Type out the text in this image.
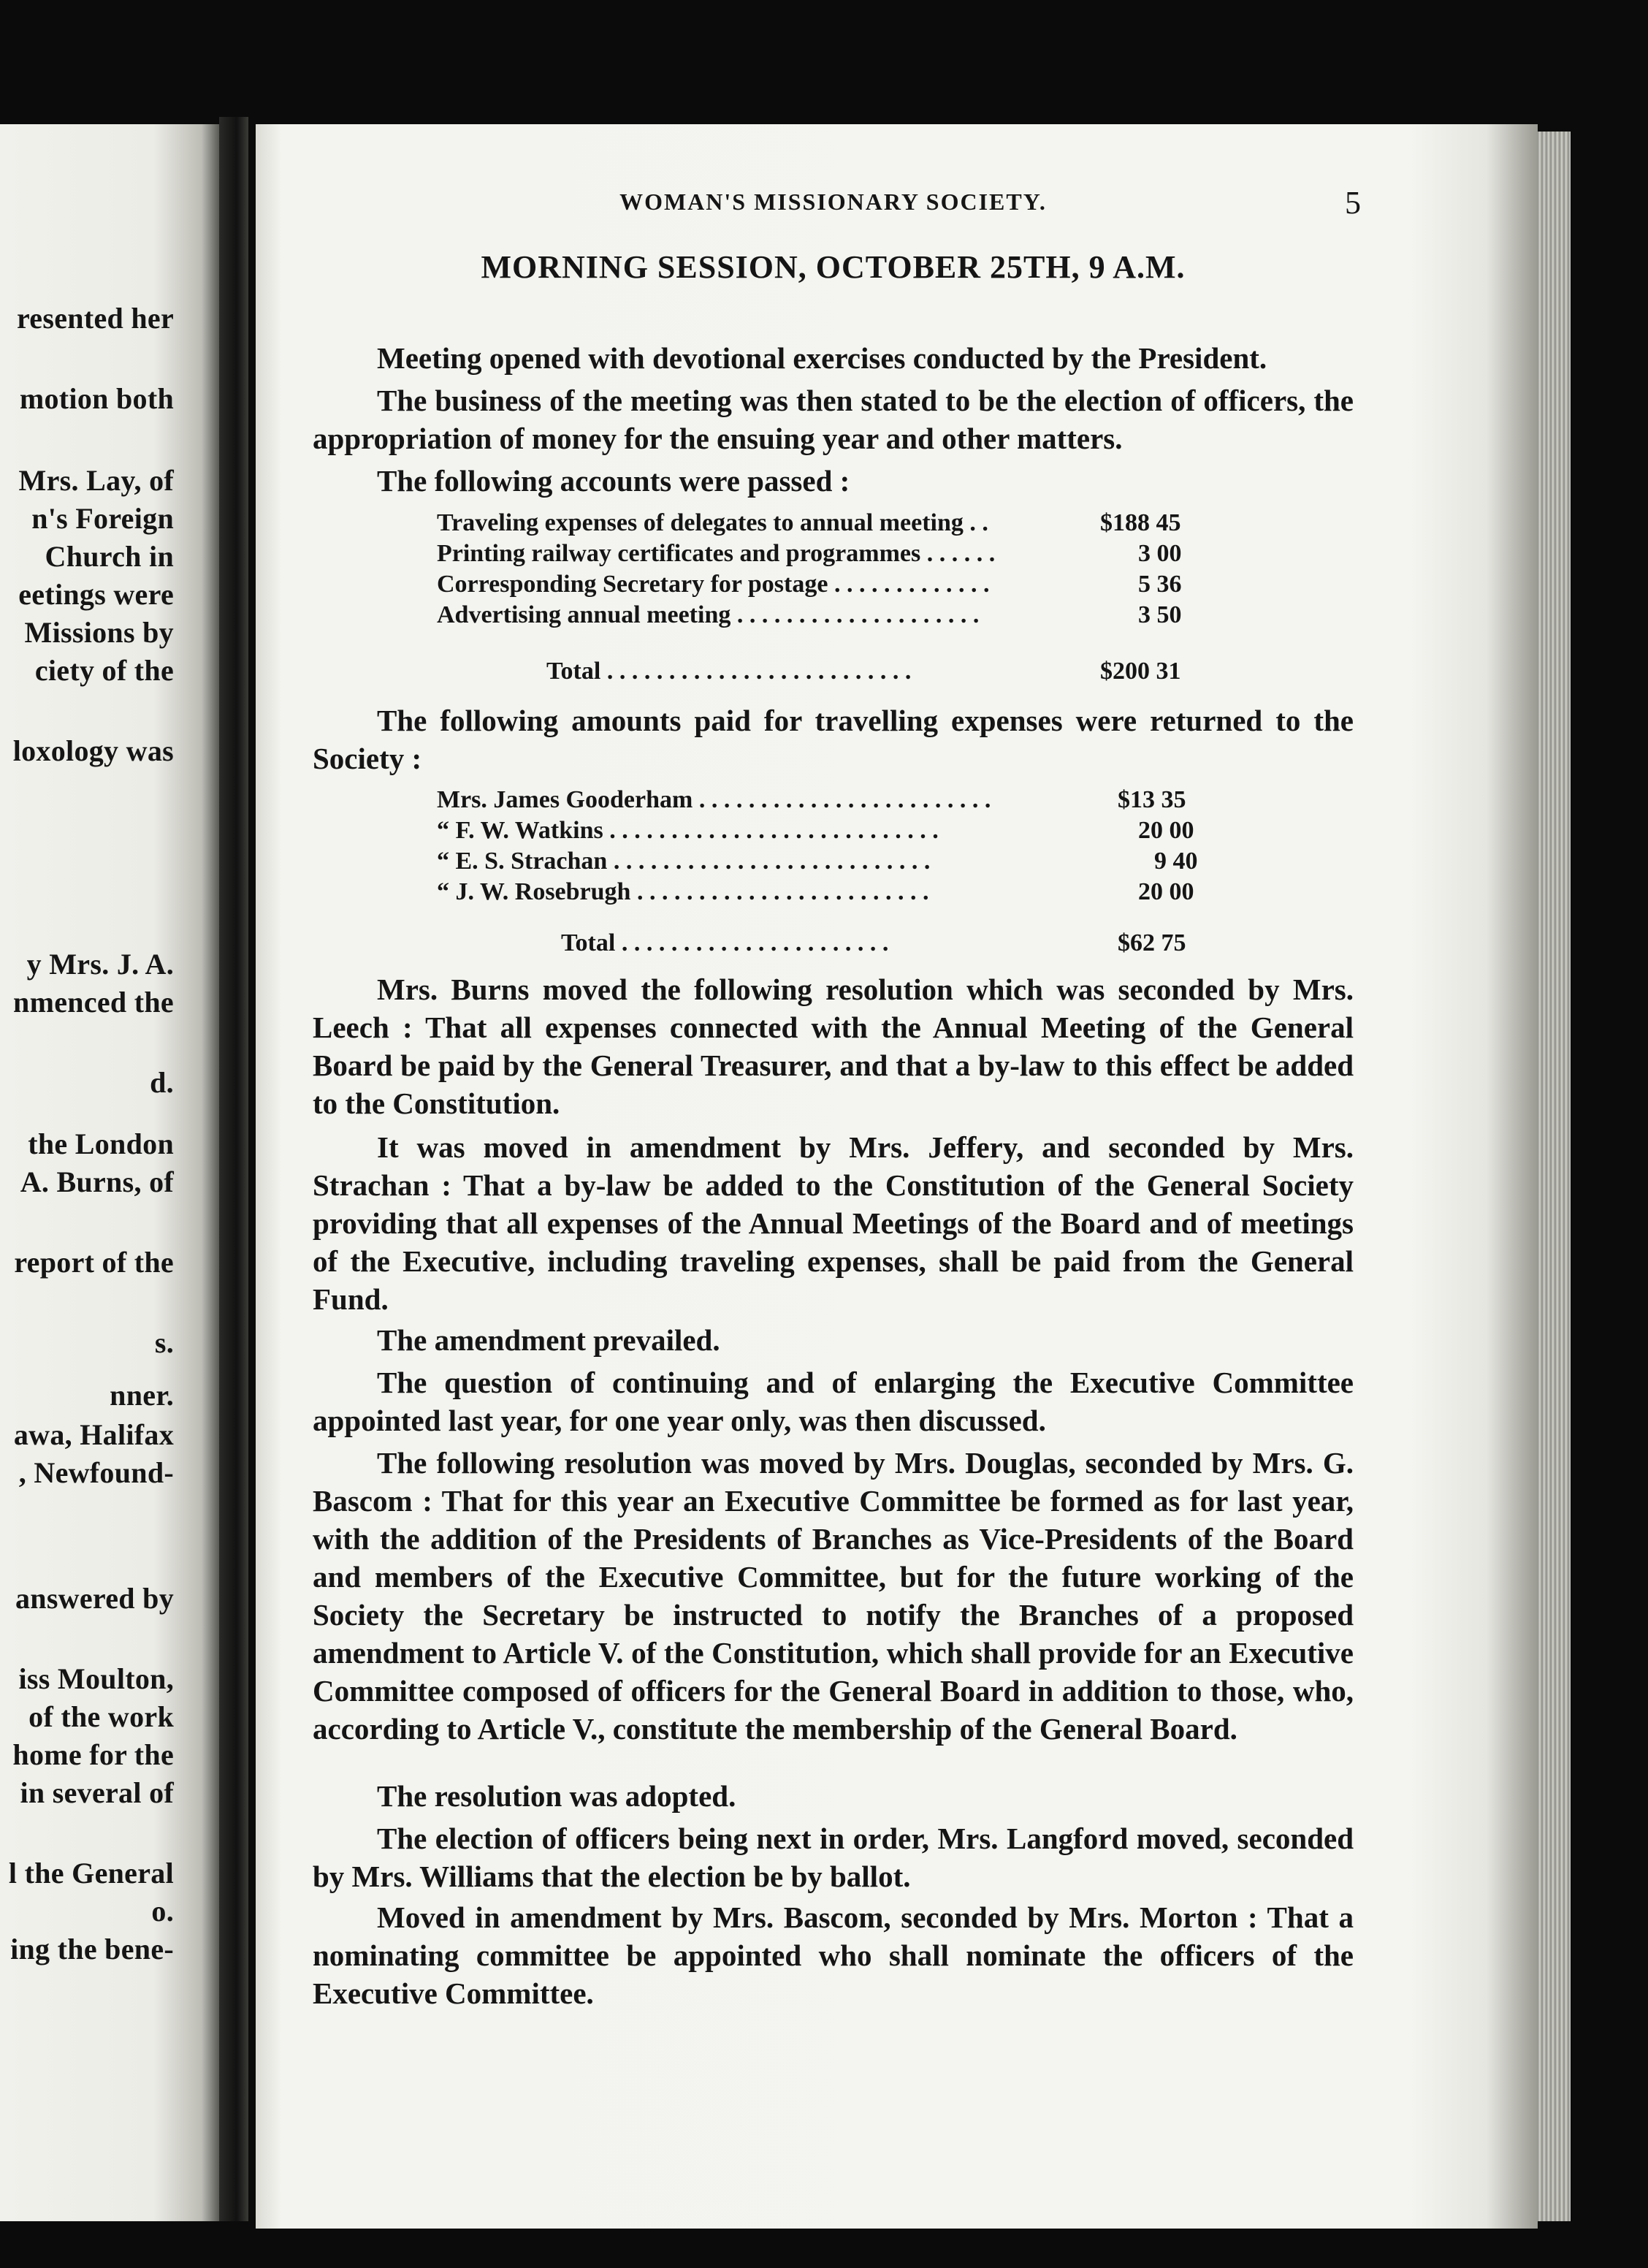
resented her
motion both
Mrs. Lay, of
n's Foreign
Church in
eetings were
Missions by
ciety of the
loxology was
y Mrs. J. A.
nmenced the
d.
the London
A. Burns, of
report of the
s.
nner.
awa, Halifax
, Newfound-
answered by
iss Moulton,
of the work
home for the
in several of
l the General
o.
ing the bene-
WOMAN'S MISSIONARY SOCIETY.	5
MORNING SESSION, OCTOBER 25TH, 9 A.M.
Meeting opened with devotional exercises conducted by the President.
The business of the meeting was then stated to be the election of officers, the appropriation of money for the ensuing year and other matters.
The following accounts were passed :
Traveling expenses of delegates to annual meeting . .	$188 45
Printing railway certificates and programmes . . . . . .	3 00
Corresponding Secretary for postage . . . . . . . . . . . . .	5 36
Advertising annual meeting . . . . . . . . . . . . . . . . . . . .	3 50
Total . . . . . . . . . . . . . . . . . . . . . . . . .	$200 31
The following amounts paid for travelling expenses were returned to the Society :
Mrs. James Gooderham . . . . . . . . . . . . . . . . . . . . . . . .	$13 35
“ F. W. Watkins . . . . . . . . . . . . . . . . . . . . . . . . . . .	20 00
“ E. S. Strachan . . . . . . . . . . . . . . . . . . . . . . . . . .	9 40
“ J. W. Rosebrugh . . . . . . . . . . . . . . . . . . . . . . . .	20 00
Total . . . . . . . . . . . . . . . . . . . . . .	$62 75
Mrs. Burns moved the following resolution which was seconded by Mrs. Leech : That all expenses connected with the Annual Meeting of the General Board be paid by the General Treasurer, and that a by-law to this effect be added to the Constitution.
It was moved in amendment by Mrs. Jeffery, and seconded by Mrs. Strachan : That a by-law be added to the Constitution of the General Society providing that all expenses of the Annual Meetings of the Board and of meetings of the Executive, including traveling expenses, shall be paid from the General Fund.
The amendment prevailed.
The question of continuing and of enlarging the Executive Committee appointed last year, for one year only, was then discussed.
The following resolution was moved by Mrs. Douglas, seconded by Mrs. G. Bascom : That for this year an Executive Committee be formed as for last year, with the addition of the Presidents of Branches as Vice-Presidents of the Board and members of the Executive Committee, but for the future working of the Society the Secretary be instructed to notify the Branches of a proposed amendment to Article V. of the Constitution, which shall provide for an Executive Committee composed of officers for the General Board in addition to those, who, according to Article V., constitute the membership of the General Board.
The resolution was adopted.
The election of officers being next in order, Mrs. Langford moved, seconded by Mrs. Williams that the election be by ballot.
Moved in amendment by Mrs. Bascom, seconded by Mrs. Morton : That a nominating committee be appointed who shall nominate the officers of the Executive Committee.
